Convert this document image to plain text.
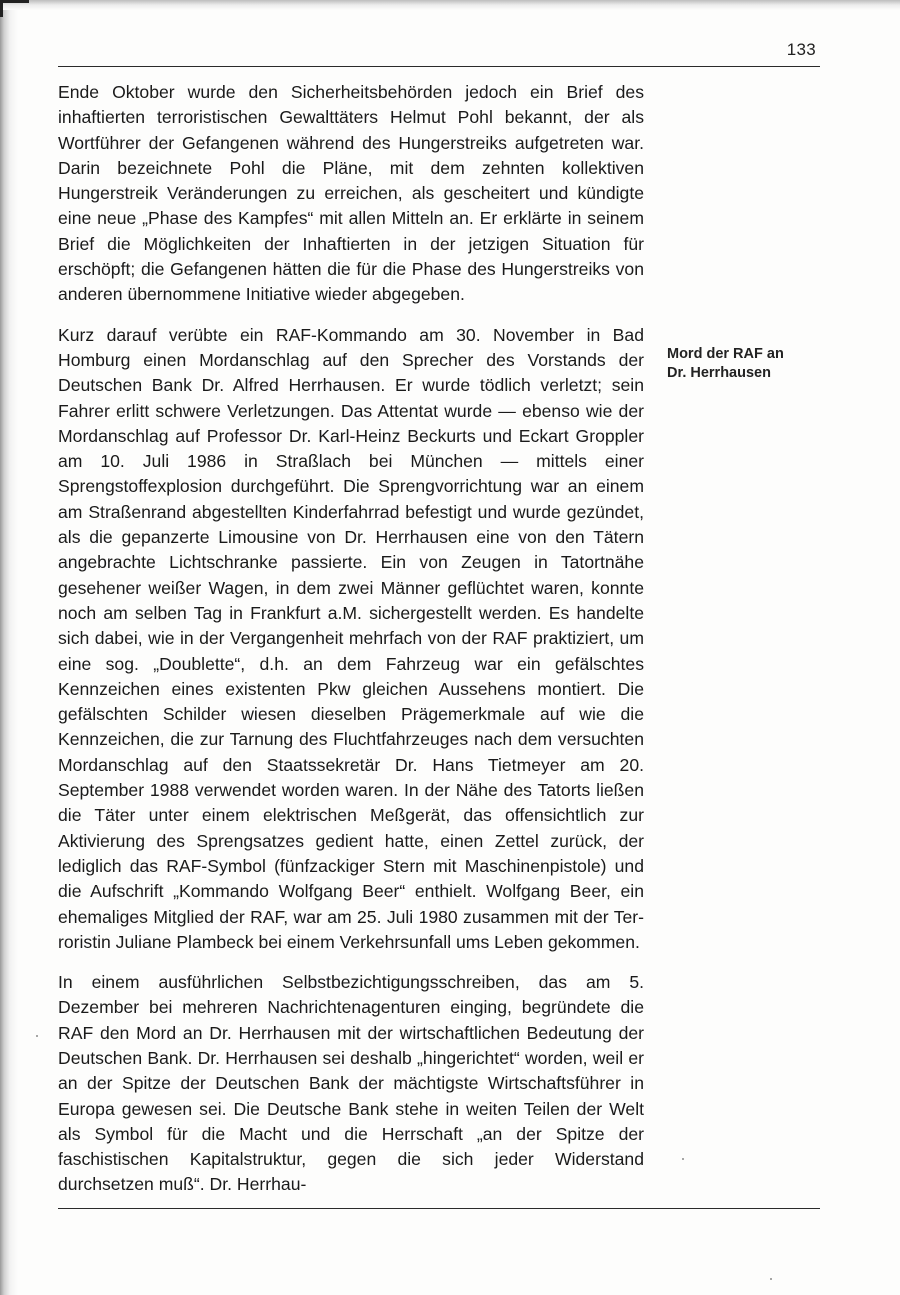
133

Ende Oktober wurde den Sicherheitsbehörden jedoch ein Brief des inhaftierten terroristischen Gewalttäters Helmut Pohl bekannt, der als Wortführer der Gefangenen während des Hungerstreiks aufgetreten war. Darin bezeichnete Pohl die Pläne, mit dem zehnten kollektiven Hungerstreik Veränderungen zu erreichen, als gescheitert und kündigte eine neue „Phase des Kampfes“ mit allen Mitteln an. Er erklärte in seinem Brief die Möglichkeiten der Inhaftierten in der jetzigen Situation für erschöpft; die Gefangenen hätten die für die Phase des Hungerstreiks von anderen übernommene Initiative wieder abgegeben.

Kurz darauf verübte ein RAF-Kommando am 30. November in Bad Homburg einen Mordanschlag auf den Sprecher des Vorstands der Deutschen Bank Dr. Alfred Herrhausen. Er wurde tödlich verletzt; sein Fahrer erlitt schwere Verletzungen. Das Attentat wurde — ebenso wie der Mordanschlag auf Professor Dr. Karl-Heinz Beckurts und Eckart Groppler am 10. Juli 1986 in Straßlach bei München — mittels einer Sprengstoffexplosion durchgeführt. Die Sprengvorrichtung war an einem am Straßenrand abgestellten Kinderfahrrad befestigt und wurde gezündet, als die gepanzerte Limousine von Dr. Herrhausen eine von den Tätern angebrachte Lichtschranke passierte. Ein von Zeugen in Tatortnähe gesehener weißer Wagen, in dem zwei Männer geflüchtet waren, konnte noch am selben Tag in Frankfurt a.M. sichergestellt werden. Es handelte sich dabei, wie in der Vergangenheit mehrfach von der RAF praktiziert, um eine sog. „Doublette“, d.h. an dem Fahrzeug war ein gefälschtes Kennzeichen eines existenten Pkw gleichen Aussehens montiert. Die gefälschten Schilder wiesen dieselben Prägemerkmale auf wie die Kennzeichen, die zur Tarnung des Fluchtfahrzeuges nach dem versuchten Mordanschlag auf den Staatssekretär Dr. Hans Tietmeyer am 20. September 1988 verwendet worden waren. In der Nähe des Tatorts ließen die Täter unter einem elektrischen Meßgerät, das offensichtlich zur Aktivierung des Sprengsatzes gedient hatte, einen Zettel zurück, der lediglich das RAF-Symbol (fünfzackiger Stern mit Maschinenpistole) und die Aufschrift „Kommando Wolfgang Beer“ enthielt. Wolfgang Beer, ein ehemaliges Mitglied der RAF, war am 25. Juli 1980 zusammen mit der Terroristin Juliane Plambeck bei einem Verkehrsunfall ums Leben gekommen.

In einem ausführlichen Selbstbezichtigungsschreiben, das am 5. Dezember bei mehreren Nachrichtenagenturen einging, begründete die RAF den Mord an Dr. Herrhausen mit der wirtschaftlichen Bedeutung der Deutschen Bank. Dr. Herrhausen sei deshalb „hingerichtet“ worden, weil er an der Spitze der Deutschen Bank der mächtigste Wirtschaftsführer in Europa gewesen sei. Die Deutsche Bank stehe in weiten Teilen der Welt als Symbol für die Macht und die Herrschaft „an der Spitze der faschistischen Kapitalstruktur, gegen die sich jeder Widerstand durchsetzen muß“. Dr. Herrhau-

Mord der RAF an
Dr. Herrhausen
